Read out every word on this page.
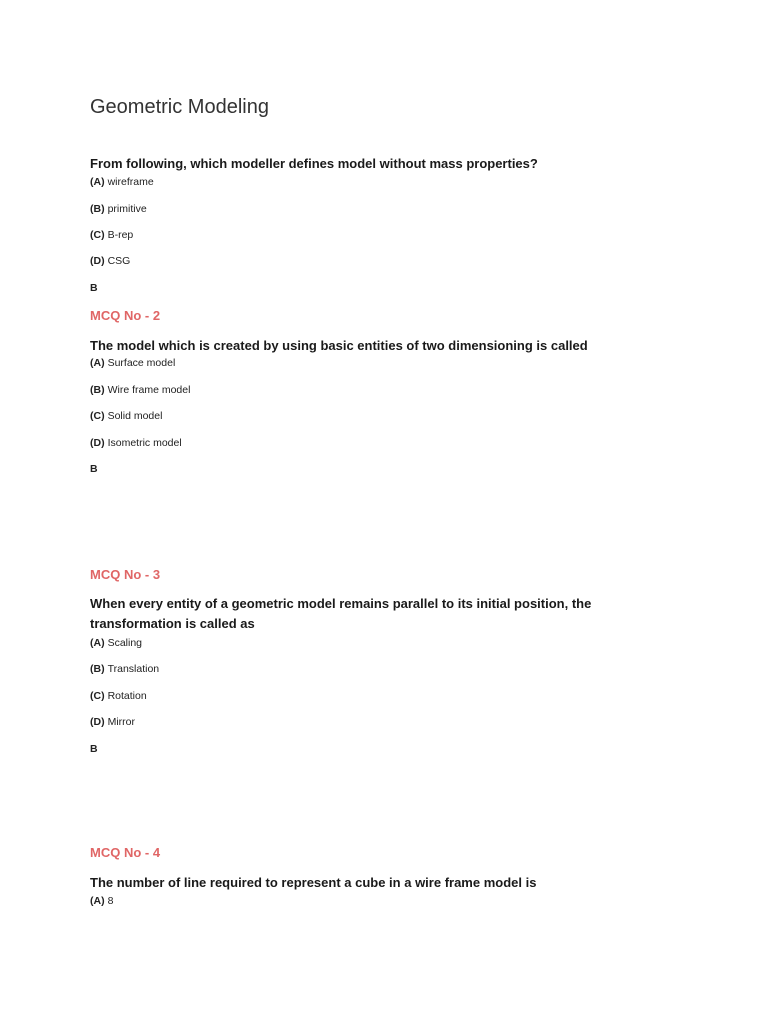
Geometric Modeling
From following, which modeller defines model without mass properties?
(A) wireframe
(B) primitive
(C) B-rep
(D) CSG
B
MCQ No - 2
The model which is created by using basic entities of two dimensioning is called
(A) Surface model
(B) Wire frame model
(C) Solid model
(D) Isometric model
B
MCQ No - 3
When every entity of a geometric model remains parallel to its initial position, the transformation is called as
(A) Scaling
(B) Translation
(C) Rotation
(D) Mirror
B
MCQ No - 4
The number of line required to represent a cube in a wire frame model is
(A) 8
